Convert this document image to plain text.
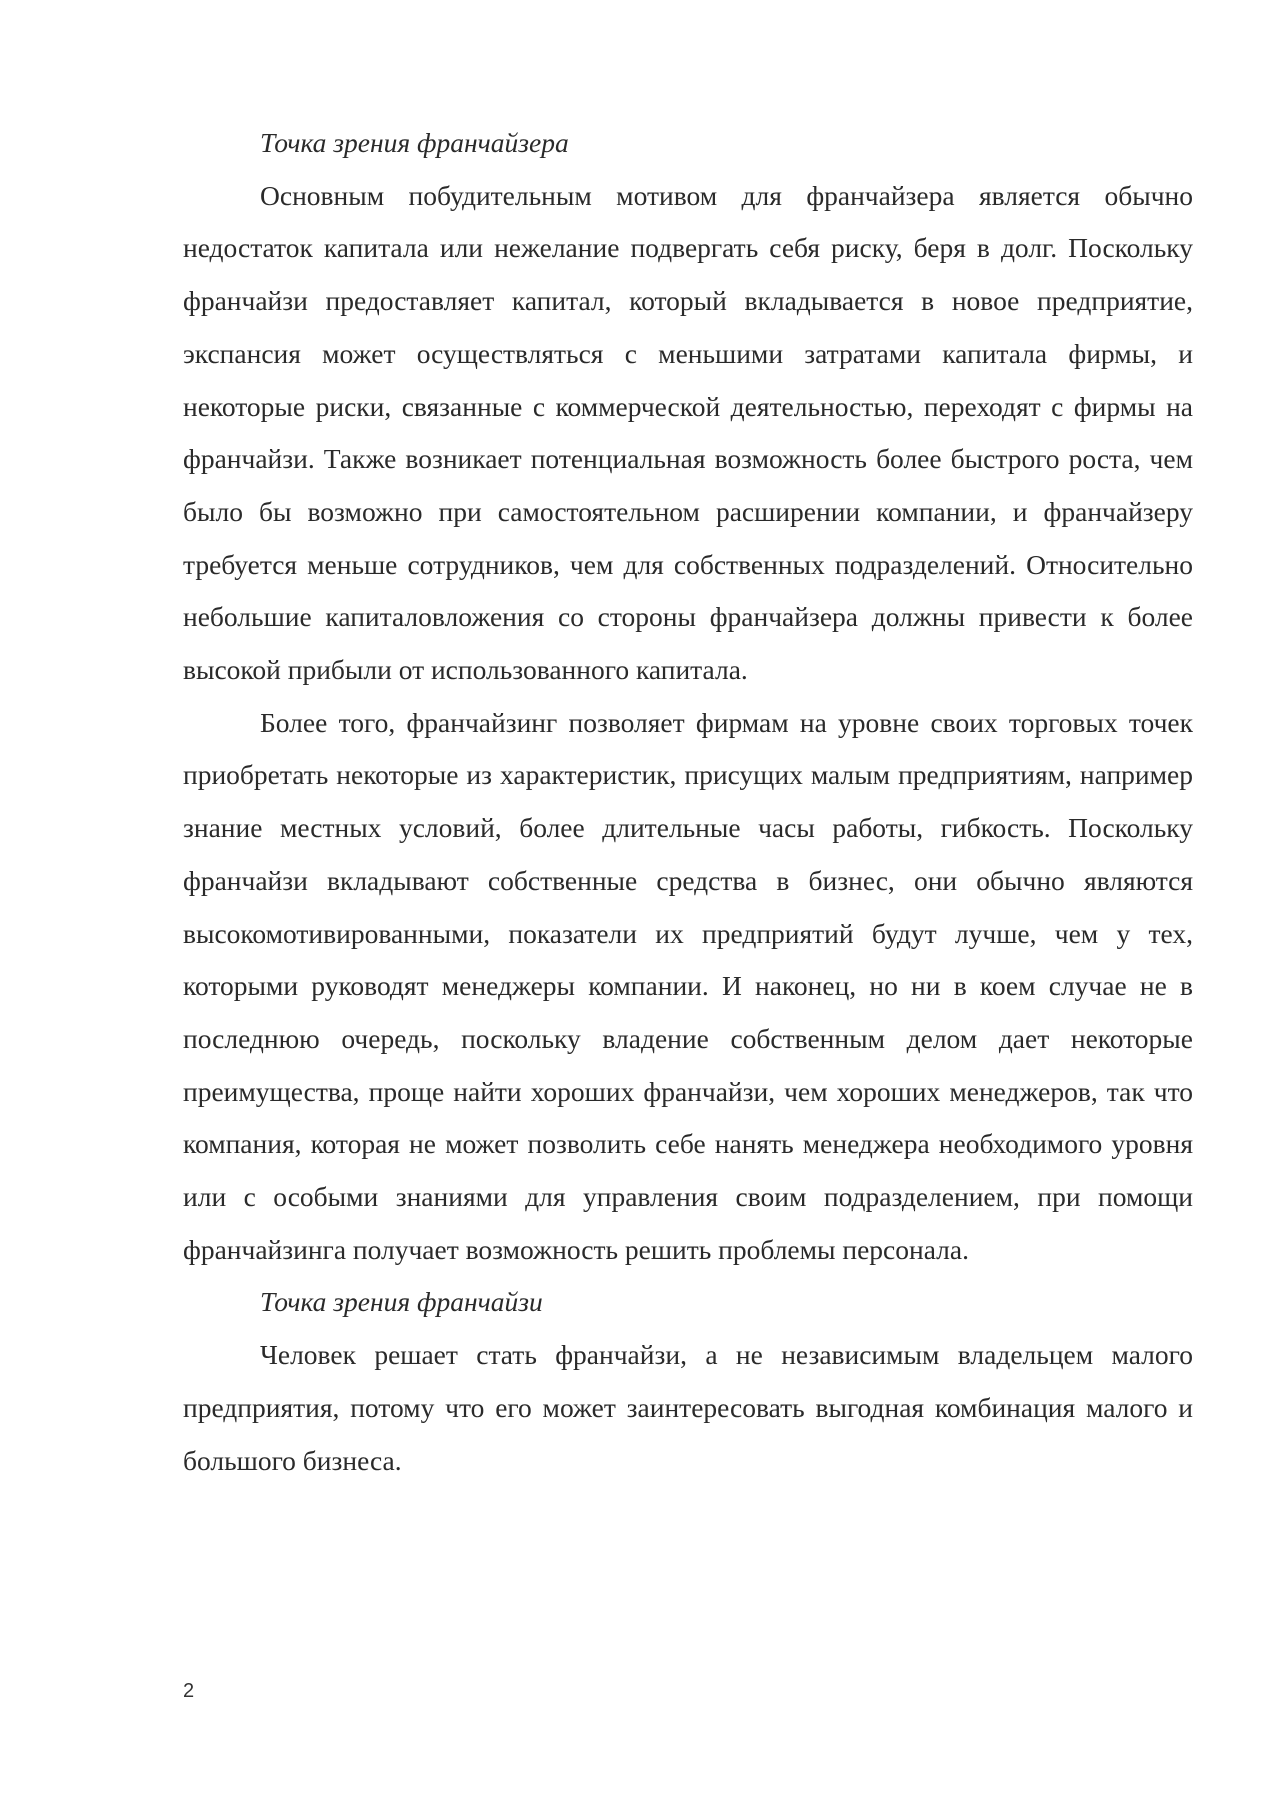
Точка зрения франчайзера

Основным побудительным мотивом для франчайзера является обычно недостаток капитала или нежелание подвергать себя риску, беря в долг. Поскольку франчайзи предоставляет капитал, который вкладывается в новое предприятие, экспансия может осуществляться с меньшими затратами капитала фирмы, и некоторые риски, связанные с коммерческой деятельностью, переходят с фирмы на франчайзи. Также возникает потенциальная возможность более быстрого роста, чем было бы возможно при самостоятельном расширении компании, и франчайзеру требуется меньше сотрудников, чем для собственных подразделений. Относительно небольшие капиталовложения со стороны франчайзера должны привести к более высокой прибыли от использованного капитала.

Более того, франчайзинг позволяет фирмам на уровне своих торговых точек приобретать некоторые из характеристик, присущих малым предприятиям, например знание местных условий, более длительные часы работы, гибкость. Поскольку франчайзи вкладывают собственные средства в бизнес, они обычно являются высокомотивированными, показатели их предприятий будут лучше, чем у тех, которыми руководят менеджеры компании. И наконец, но ни в коем случае не в последнюю очередь, поскольку владение собственным делом дает некоторые преимущества, проще найти хороших франчайзи, чем хороших менеджеров, так что компания, которая не может позволить себе нанять менеджера необходимого уровня или с особыми знаниями для управления своим подразделением, при помощи франчайзинга получает возможность решить проблемы персонала.

Точка зрения франчайзи

Человек решает стать франчайзи, а не независимым владельцем малого предприятия, потому что его может заинтересовать выгодная комбинация малого и большого бизнеса.

2
